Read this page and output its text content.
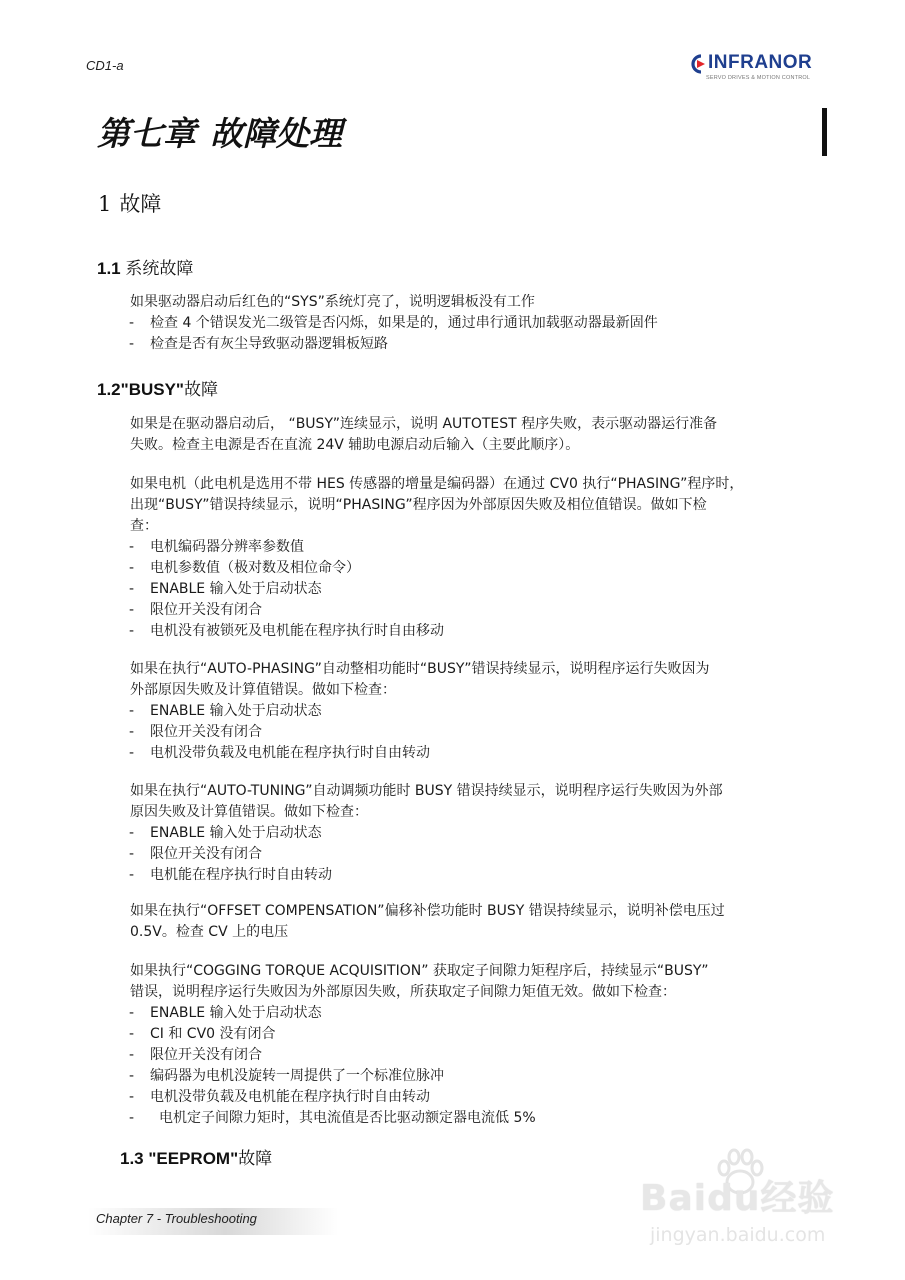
CD1-a	INFRANOR
SERVO DRIVES & MOTION CONTROL
第七章 故障处理
1 故障
1.1 系统故障

如果驱动器启动后红色的“SYS”系统灯亮了，说明逻辑板没有工作

- 检查 4 个错误发光二级管是否闪烁，如果是的，通过串行通讯加载驱动器最新固件

- 检查是否有灰尘导致驱动器逻辑板短路

1.2"BUSY"故障

如果是在驱动器启动后， “BUSY”连续显示，说明 AUTOTEST 程序失败，表示驱动器运行准备

失败。检查主电源是否在直流 24V 辅助电源启动后输入（主要此顺序）。

如果电机（此电机是选用不带 HES 传感器的增量是编码器）在通过 CV0 执行“PHASING”程序时，

出现“BUSY”错误持续显示，说明“PHASING”程序因为外部原因失败及相位值错误。做如下检

查：

- 电机编码器分辨率参数值

- 电机参数值（极对数及相位命令）

- ENABLE 输入处于启动状态

- 限位开关没有闭合

- 电机没有被锁死及电机能在程序执行时自由移动

如果在执行“AUTO-PHASING”自动整相功能时“BUSY”错误持续显示，说明程序运行失败因为

外部原因失败及计算值错误。做如下检查：

- ENABLE 输入处于启动状态

- 限位开关没有闭合

- 电机没带负载及电机能在程序执行时自由转动

如果在执行“AUTO-TUNING”自动调频功能时 BUSY 错误持续显示，说明程序运行失败因为外部

原因失败及计算值错误。做如下检查：

- ENABLE 输入处于启动状态

- 限位开关没有闭合

- 电机能在程序执行时自由转动

如果在执行“OFFSET COMPENSATION”偏移补偿功能时 BUSY 错误持续显示，说明补偿电压过

0.5V。检查 CV 上的电压

如果执行“COGGING TORQUE ACQUISITION” 获取定子间隙力矩程序后，持续显示“BUSY”

错误，说明程序运行失败因为外部原因失败，所获取定子间隙力矩值无效。做如下检查：

- ENABLE 输入处于启动状态

- CI 和 CV0 没有闭合

- 限位开关没有闭合

- 编码器为电机没旋转一周提供了一个标准位脉冲

- 电机没带负载及电机能在程序执行时自由转动

- 电机定子间隙力矩时，其电流值是否比驱动额定器电流低 5%

1.3 "EEPROM"故障
Chapter 7 - Troubleshooting	Baidu经验
jingyan.baidu.com
